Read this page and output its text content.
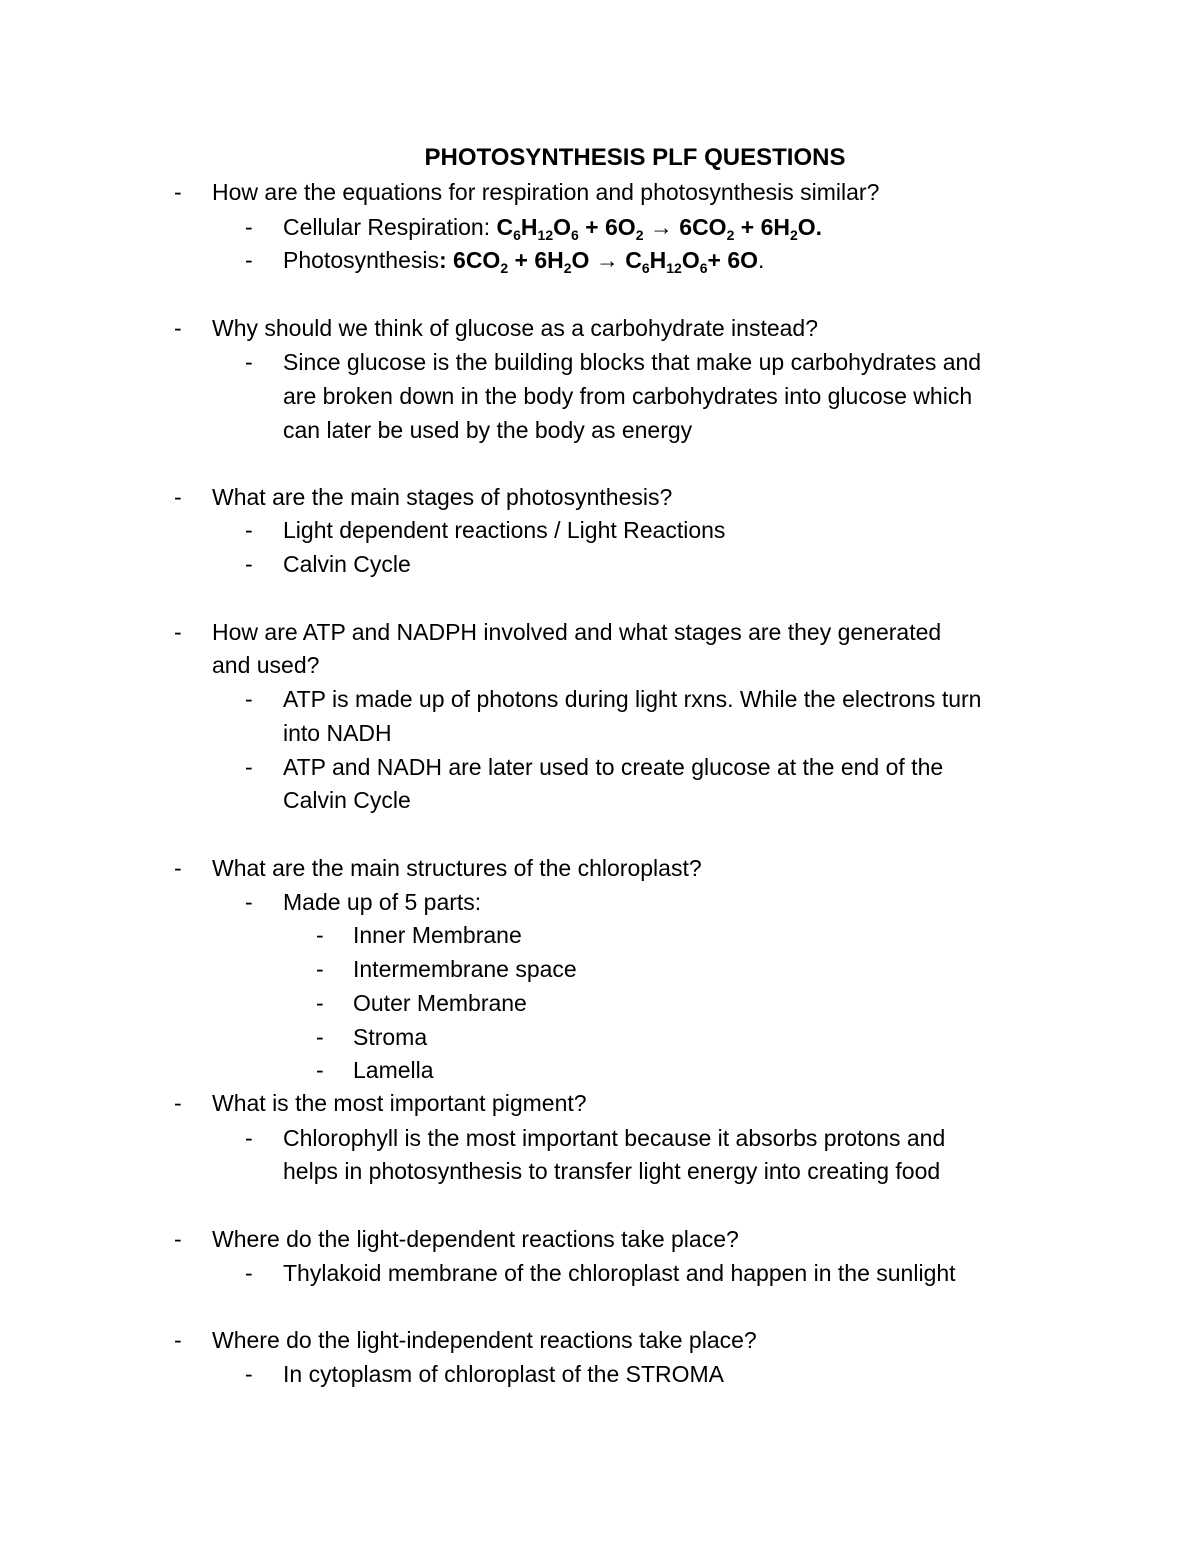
PHOTOSYNTHESIS PLF QUESTIONS
- How are the equations for respiration and photosynthesis similar?
- Cellular Respiration: $C_6H_{12}O_6 + 6O_2 \to 6CO_2 + 6H_2O$.
- Photosynthesis: $6CO_2 + 6H_2O \to C_6H_{12}O_6+ 6O$.
- Why should we think of glucose as a carbohydrate instead?
- Since glucose is the building blocks that make up carbohydrates and
are broken down in the body from carbohydrates into glucose which
can later be used by the body as energy
- What are the main stages of photosynthesis?
- Light dependent reactions / Light Reactions
- Calvin Cycle
- How are ATP and NADPH involved and what stages are they generated
and used?
- ATP is made up of photons during light rxns. While the electrons turn
into NADH
- ATP and NADH are later used to create glucose at the end of the
Calvin Cycle
- What are the main structures of the chloroplast?
- Made up of 5 parts:
- Inner Membrane
- Intermembrane space
- Outer Membrane
- Stroma
- Lamella
- What is the most important pigment?
- Chlorophyll is the most important because it absorbs protons and
helps in photosynthesis to transfer light energy into creating food
- Where do the light-dependent reactions take place?
- Thylakoid membrane of the chloroplast and happen in the sunlight
- Where do the light-independent reactions take place?
- In cytoplasm of chloroplast of the STROMA
